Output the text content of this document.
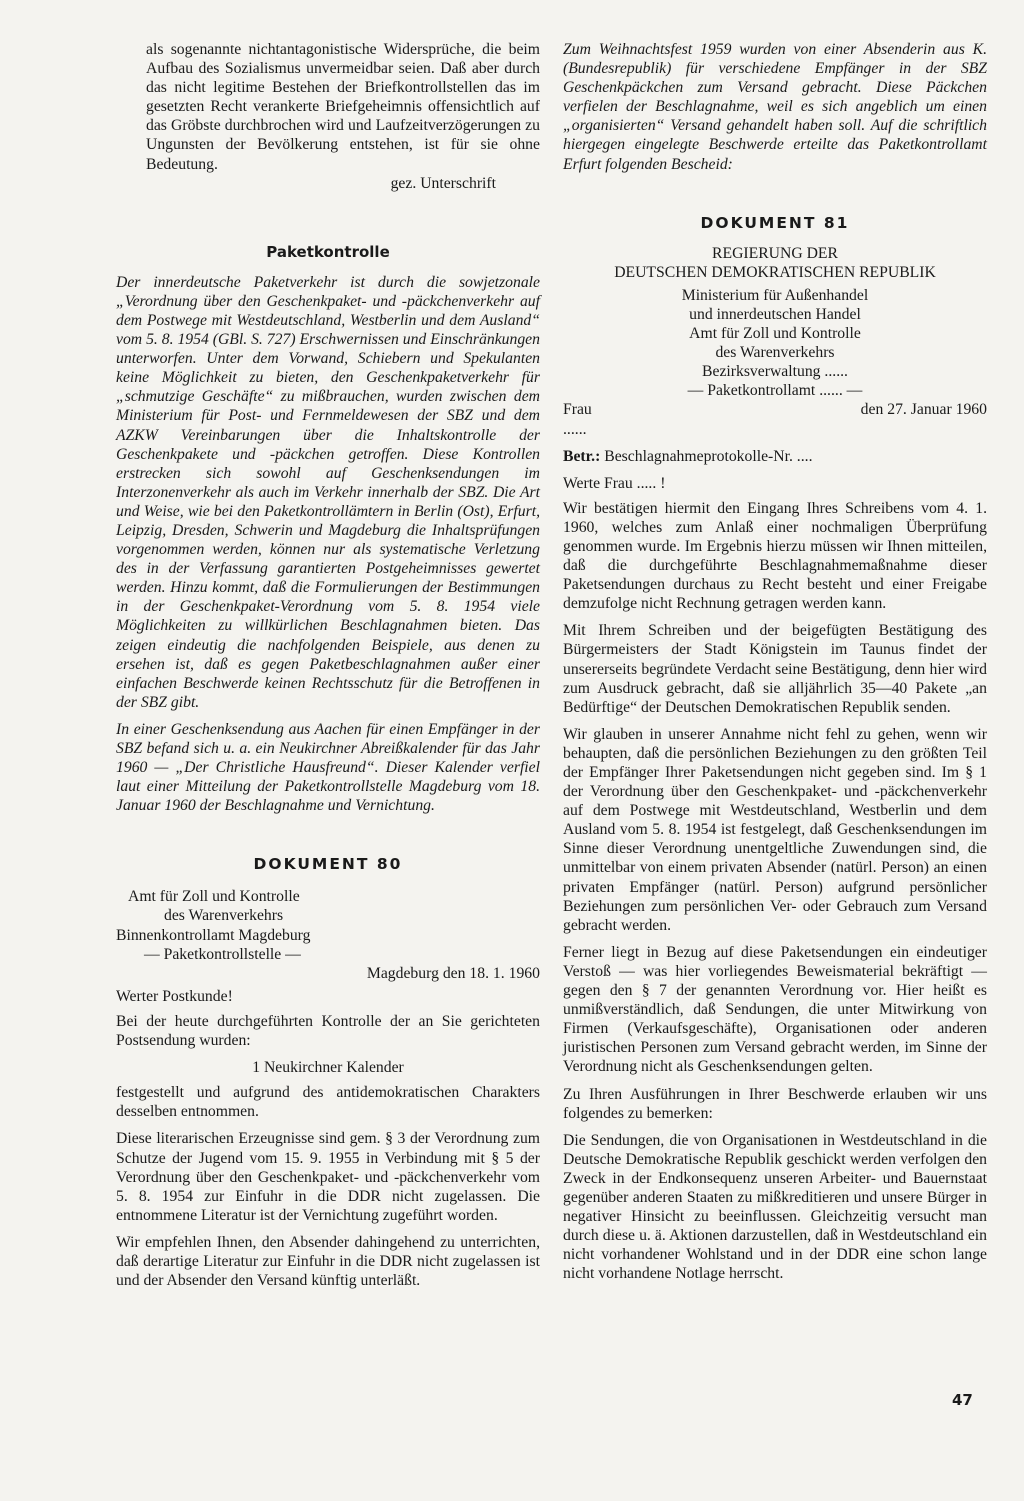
als sogenannte nichtantagonistische Widersprüche, die beim Aufbau des Sozialismus unvermeidbar seien. Daß aber durch das nicht legitime Bestehen der Briefkontrollstellen das im gesetzten Recht verankerte Briefgeheimnis offensichtlich auf das Gröbste durchbrochen wird und Laufzeitverzögerungen zu Ungunsten der Bevölkerung entstehen, ist für sie ohne Bedeutung.

gez. Unterschrift
Paketkontrolle

Der innerdeutsche Paketverkehr ist durch die sowjetzonale „Verordnung über den Geschenkpaket- und -päckchenverkehr auf dem Postwege mit Westdeutschland, Westberlin und dem Ausland“ vom 5. 8. 1954 (GBl. S. 727) Erschwernissen und Einschränkungen unterworfen. Unter dem Vorwand, Schiebern und Spekulanten keine Möglichkeit zu bieten, den Geschenkpaketverkehr für „schmutzige Geschäfte“ zu mißbrauchen, wurden zwischen dem Ministerium für Post- und Fernmeldewesen der SBZ und dem AZKW Vereinbarungen über die Inhaltskontrolle der Geschenkpakete und -päckchen getroffen. Diese Kontrollen erstrecken sich sowohl auf Geschenksendungen im Interzonenverkehr als auch im Verkehr innerhalb der SBZ. Die Art und Weise, wie bei den Paketkontrollämtern in Berlin (Ost), Erfurt, Leipzig, Dresden, Schwerin und Magdeburg die Inhaltsprüfungen vorgenommen werden, können nur als systematische Verletzung des in der Verfassung garantierten Postgeheimnisses gewertet werden. Hinzu kommt, daß die Formulierungen der Bestimmungen in der Geschenkpaket-Verordnung vom 5. 8. 1954 viele Möglichkeiten zu willkürlichen Beschlagnahmen bieten. Das zeigen eindeutig die nachfolgenden Beispiele, aus denen zu ersehen ist, daß es gegen Paketbeschlagnahmen außer einer einfachen Beschwerde keinen Rechtsschutz für die Betroffenen in der SBZ gibt.

In einer Geschenksendung aus Aachen für einen Empfänger in der SBZ befand sich u. a. ein Neukirchner Abreißkalender für das Jahr 1960 — „Der Christliche Hausfreund“. Dieser Kalender verfiel laut einer Mitteilung der Paketkontrollstelle Magdeburg vom 18. Januar 1960 der Beschlagnahme und Vernichtung.

DOKUMENT 80
Amt für Zoll und Kontrolle
des Warenverkehrs
Binnenkontrollamt Magdeburg
— Paketkontrollstelle —
Magdeburg den 18. 1. 1960
Werter Postkunde!

Bei der heute durchgeführten Kontrolle der an Sie gerichteten Postsendung wurden:

1 Neukirchner Kalender

festgestellt und aufgrund des antidemokratischen Charakters desselben entnommen.

Diese literarischen Erzeugnisse sind gem. § 3 der Verordnung zum Schutze der Jugend vom 15. 9. 1955 in Verbindung mit § 5 der Verordnung über den Geschenkpaket- und -päckchenverkehr vom 5. 8. 1954 zur Einfuhr in die DDR nicht zugelassen. Die entnommene Literatur ist der Vernichtung zugeführt worden.

Wir empfehlen Ihnen, den Absender dahingehend zu unterrichten, daß derartige Literatur zur Einfuhr in die DDR nicht zugelassen ist und der Absender den Versand künftig unterläßt.

Zum Weihnachtsfest 1959 wurden von einer Absenderin aus K. (Bundesrepublik) für verschiedene Empfänger in der SBZ Geschenkpäckchen zum Versand gebracht. Diese Päckchen verfielen der Beschlagnahme, weil es sich angeblich um einen „organisierten“ Versand gehandelt haben soll. Auf die schriftlich hiergegen eingelegte Beschwerde erteilte das Paketkontrollamt Erfurt folgenden Bescheid:

DOKUMENT 81
REGIERUNG DER
DEUTSCHEN DEMOKRATISCHEN REPUBLIK
Ministerium für Außenhandel
und innerdeutschen Handel
Amt für Zoll und Kontrolle
des Warenverkehrs
Bezirksverwaltung ......
— Paketkontrollamt ...... —
Frau	den 27. Januar 1960
......
Betr.: Beschlagnahmeprotokolle-Nr. ....
Werte Frau ..... !

Wir bestätigen hiermit den Eingang Ihres Schreibens vom 4. 1. 1960, welches zum Anlaß einer nochmaligen Überprüfung genommen wurde. Im Ergebnis hierzu müssen wir Ihnen mitteilen, daß die durchgeführte Beschlagnahmemaßnahme dieser Paketsendungen durchaus zu Recht besteht und einer Freigabe demzufolge nicht Rechnung getragen werden kann.

Mit Ihrem Schreiben und der beigefügten Bestätigung des Bürgermeisters der Stadt Königstein im Taunus findet der unsererseits begründete Verdacht seine Bestätigung, denn hier wird zum Ausdruck gebracht, daß sie alljährlich 35—40 Pakete „an Bedürftige“ der Deutschen Demokratischen Republik senden.

Wir glauben in unserer Annahme nicht fehl zu gehen, wenn wir behaupten, daß die persönlichen Beziehungen zu den größten Teil der Empfänger Ihrer Paketsendungen nicht gegeben sind. Im § 1 der Verordnung über den Geschenkpaket- und -päckchenverkehr auf dem Postwege mit Westdeutschland, Westberlin und dem Ausland vom 5. 8. 1954 ist festgelegt, daß Geschenksendungen im Sinne dieser Verordnung unentgeltliche Zuwendungen sind, die unmittelbar von einem privaten Absender (natürl. Person) an einen privaten Empfänger (natürl. Person) aufgrund persönlicher Beziehungen zum persönlichen Ver- oder Gebrauch zum Versand gebracht werden.

Ferner liegt in Bezug auf diese Paketsendungen ein eindeutiger Verstoß — was hier vorliegendes Beweismaterial bekräftigt — gegen den § 7 der genannten Verordnung vor. Hier heißt es unmißverständlich, daß Sendungen, die unter Mitwirkung von Firmen (Verkaufsgeschäfte), Organisationen oder anderen juristischen Personen zum Versand gebracht werden, im Sinne der Verordnung nicht als Geschenksendungen gelten.

Zu Ihren Ausführungen in Ihrer Beschwerde erlauben wir uns folgendes zu bemerken:

Die Sendungen, die von Organisationen in Westdeutschland in die Deutsche Demokratische Republik geschickt werden verfolgen den Zweck in der Endkonsequenz unseren Arbeiter- und Bauernstaat gegenüber anderen Staaten zu mißkreditieren und unsere Bürger in negativer Hinsicht zu beeinflussen. Gleichzeitig versucht man durch diese u. ä. Aktionen darzustellen, daß in Westdeutschland ein nicht vorhandener Wohlstand und in der DDR eine schon lange nicht vorhandene Notlage herrscht.

47
